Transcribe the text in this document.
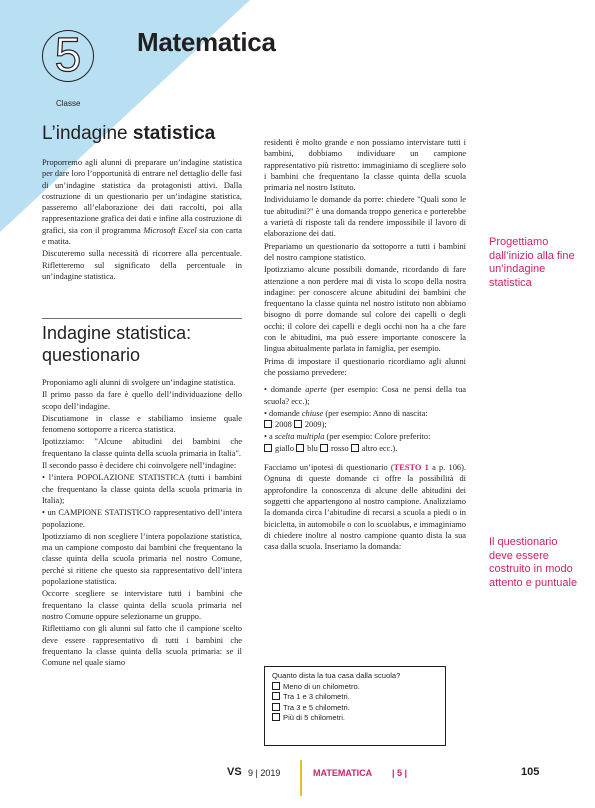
5
Classe
Matematica
L’indagine statistica

Proporremo agli alunni di preparare un’indagine statistica per dare loro l’opportunità di entrare nel dettaglio delle fasi di un’indagine statistica da protagonisti attivi. Dalla costruzione di un questionario per un’indagine statistica, passeremo all’elaborazione dei dati raccolti, poi alla rappresentazione grafica dei dati e infine alla costruzione di grafici, sia con il programma Microsoft Excel sia con carta e matita.

Discuteremo sulla necessità di ricorrere alla percentuale. Rifletteremo sul significato della percentuale in un’indagine statistica.

Indagine statistica: questionario

Proponiamo agli alunni di svolgere un’indagine statistica.

Il primo passo da fare è quello dell’individuazione dello scopo dell’indagine.

Discutiamone in classe e stabiliamo insieme quale fenomeno sottoporre a ricerca statistica.

Ipotizziamo: "Alcune abitudini dei bambini che frequentano la classe quinta della scuola primaria in Italia".

Il secondo passo è decidere chi coinvolgere nell’indagine:

• l’intera POPOLAZIONE STATISTICA (tutti i bambini che frequentano la classe quinta della scuola primaria in Italia);

• un CAMPIONE STATISTICO rappresentativo dell’intera popolazione.

Ipotizziamo di non scegliere l’intera popolazione statistica, ma un campione composto dai bambini che frequentano la classe quinta della scuola primaria nel nostro Comune, perché si ritiene che questo sia rappresentativo dell’intera popolazione statistica.

Occorre scegliere se intervistare tutti i bambini che frequentano la classe quinta della scuola primaria nel nostro Comune oppure selezionarne un gruppo.

Riflettiamo con gli alunni sul fatto che il campione scelto deve essere rappresentativo di tutti i bambini che frequentano la classe quinta della scuola primaria: se il Comune nel quale siamo

residenti è molto grande e non possiamo intervistare tutti i bambini, dobbiamo individuare un campione rappresentativo più ristretto: immaginiamo di scegliere solo i bambini che frequentano la classe quinta della scuola primaria nel nostro Istituto.

Individuiamo le domande da porre: chiedere "Quali sono le tue abitudini?" è una domanda troppo generica e porterebbe a varietà di risposte tali da rendere impossibile il lavoro di elaborazione dei dati.

Prepariamo un questionario da sottoporre a tutti i bambini del nostro campione statistico.

Ipotizziamo alcune possibili domande, ricordando di fare attenzione a non perdere mai di vista lo scopo della nostra indagine: per conoscere alcune abitudini dei bambini che frequentano la classe quinta nel nostro istituto non abbiamo bisogno di porre domande sul colore dei capelli o degli occhi; il colore dei capelli e degli occhi non ha a che fare con le abitudini, ma può essere importante conoscere la lingua abitualmente parlata in famiglia, per esempio.

Prima di impostare il questionario ricordiamo agli alunni che possiamo prevedere:

• domande aperte (per esempio: Cosa ne pensi della tua scuola? ecc.);

• domande chiuse (per esempio: Anno di nascita:
2008 2009);

• a scelta multipla (per esempio: Colore preferito:
giallo blu rosso altro ecc.).

Facciamo un’ipotesi di questionario (TESTO 1 a p. 106). Ognuna di queste domande ci offre la possibilità di approfondire la conoscenza di alcune delle abitudini dei soggetti che appartengono al nostro campione. Analizziamo la domanda circa l’abitudine di recarsi a scuola a piedi o in bicicletta, in automobile o con lo scuolabus, e immaginiamo di chiedere inoltre al nostro campione quanto dista la sua casa dalla scuola. Inseriamo la domanda:

Quanto dista la tua casa dalla scuola?
Meno di un chilometro.
Tra 1 e 3 chilometri.
Tra 3 e 5 chilometri.
Più di 5 chilometri.
Progettiamo dall’inizio alla fine un’indagine statistica
Il questionario deve essere costruito in modo attento e puntuale
VS 9 | 2019	MATEMATICA | 5 |	105
